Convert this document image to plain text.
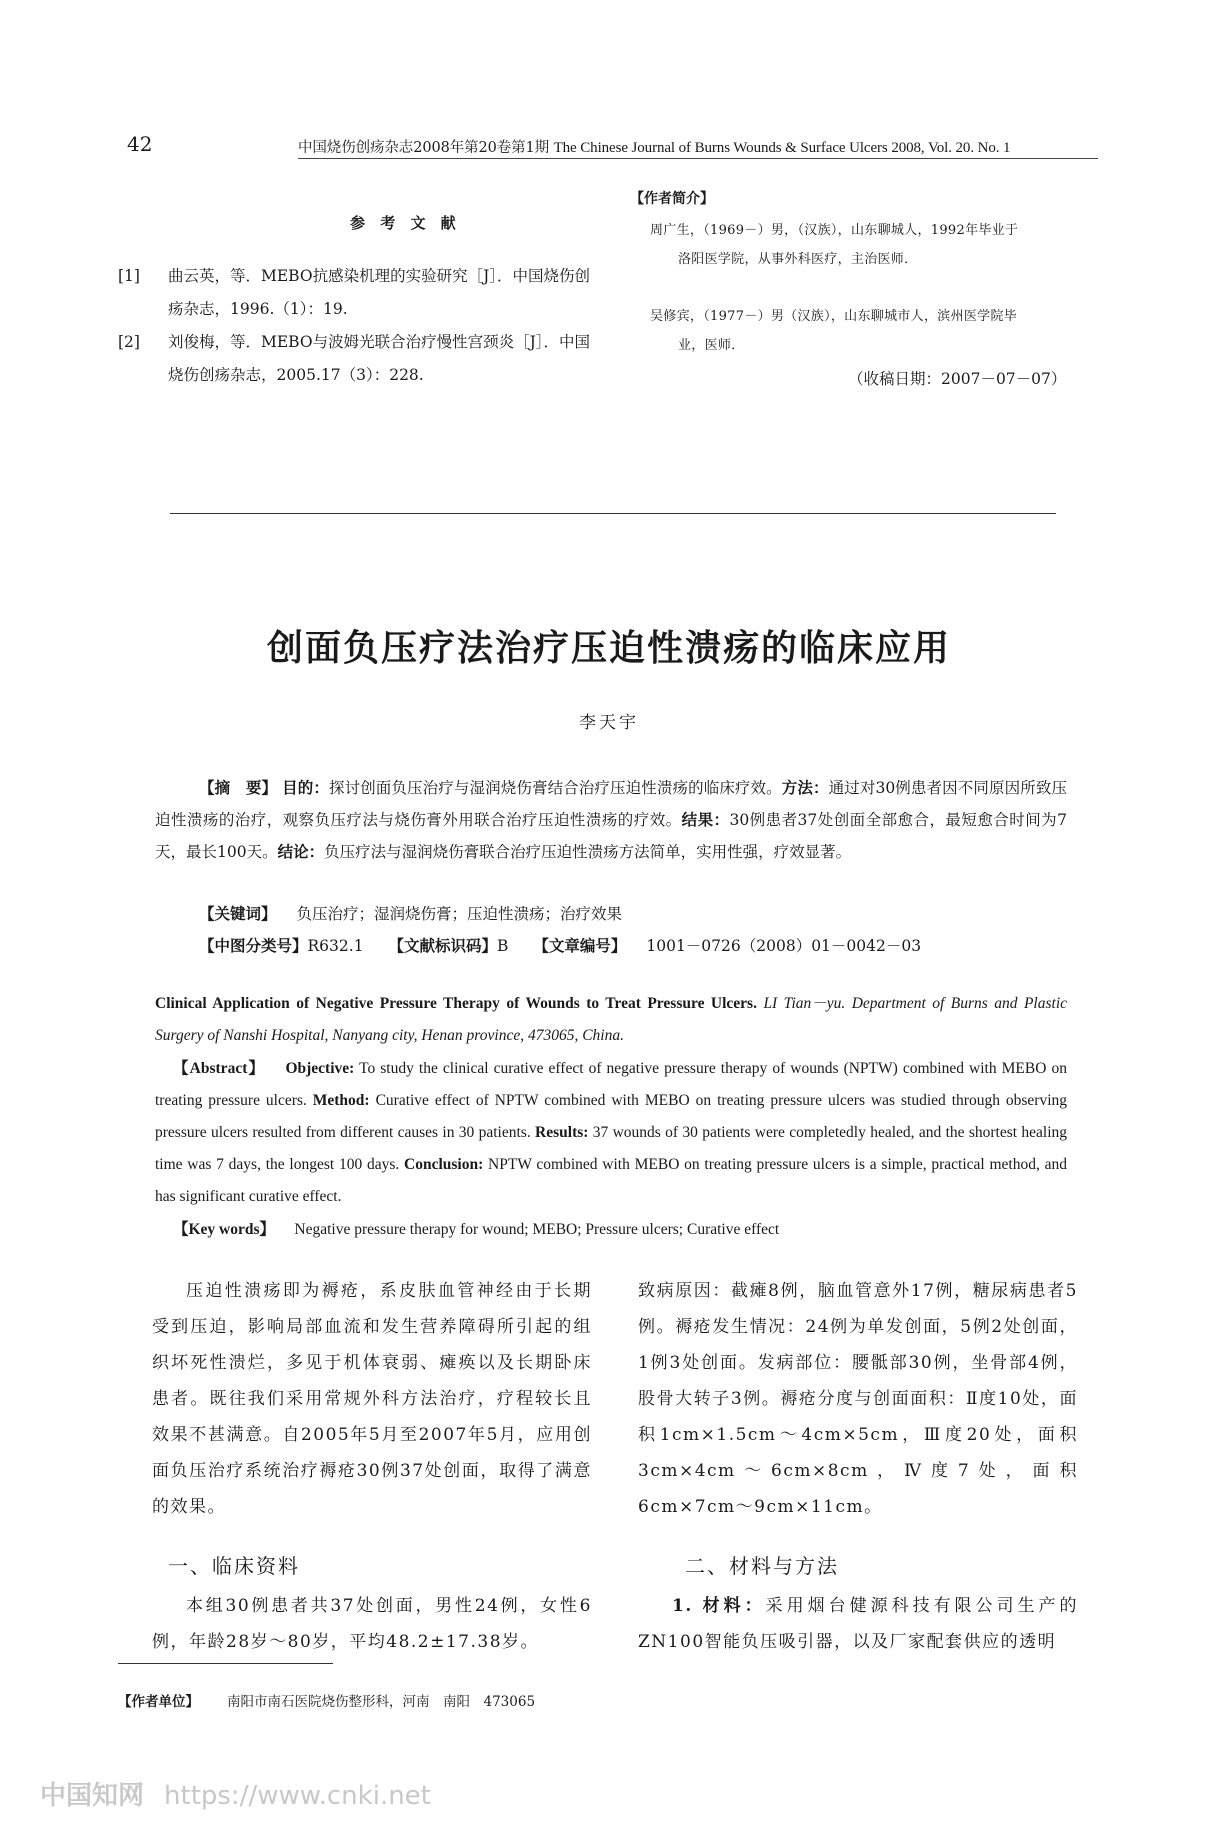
42	中国烧伤创疡杂志2008年第20卷第1期 The Chinese Journal of Burns Wounds & Surface Ulcers 2008, Vol. 20. No. 1
参 考 文 献
[1] 曲云英，等．MEBO抗感染机理的实验研究［J］．中国烧伤创疡杂志，1996.（1）：19.
[2] 刘俊梅，等．MEBO与波姆光联合治疗慢性宫颈炎［J］．中国烧伤创疡杂志，2005.17（3）：228.
【作者简介】
周广生，（1969－）男，（汉族），山东聊城人，1992年毕业于
洛阳医学院，从事外科医疗，主治医师．
吴修宾，（1977－）男（汉族），山东聊城市人，滨州医学院毕
业，医师．
（收稿日期：2007－07－07）
创面负压疗法治疗压迫性溃疡的临床应用
李天宇
【摘　要】 目的：探讨创面负压治疗与湿润烧伤膏结合治疗压迫性溃疡的临床疗效。方法：通过对30例患者因不同原因所致压迫性溃疡的治疗，观察负压疗法与烧伤膏外用联合治疗压迫性溃疡的疗效。结果：30例患者37处创面全部愈合，最短愈合时间为7天，最长100天。结论：负压疗法与湿润烧伤膏联合治疗压迫性溃疡方法简单，实用性强，疗效显著。
【关键词】 负压治疗；湿润烧伤膏；压迫性溃疡；治疗效果
【中图分类号】R632.1 【文献标识码】B 【文章编号】 1001－0726（2008）01－0042－03
Clinical Application of Negative Pressure Therapy of Wounds to Treat Pressure Ulcers. LI Tian－yu. Department of Burns and Plastic Surgery of Nanshi Hospital, Nanyang city, Henan province, 473065, China.
【Abstract】 Objective: To study the clinical curative effect of negative pressure therapy of wounds (NPTW) combined with MEBO on treating pressure ulcers. Method: Curative effect of NPTW combined with MEBO on treating pressure ulcers was studied through observing pressure ulcers resulted from different causes in 30 patients. Results: 37 wounds of 30 patients were completedly healed, and the shortest healing time was 7 days, the longest 100 days. Conclusion: NPTW combined with MEBO on treating pressure ulcers is a simple, practical method, and has significant curative effect.
【Key words】 Negative pressure therapy for wound; MEBO; Pressure ulcers; Curative effect
压迫性溃疡即为褥疮，系皮肤血管神经由于长期受到压迫，影响局部血流和发生营养障碍所引起的组织坏死性溃烂，多见于机体衰弱、瘫痪以及长期卧床患者。既往我们采用常规外科方法治疗，疗程较长且效果不甚满意。自2005年5月至2007年5月，应用创面负压治疗系统治疗褥疮30例37处创面，取得了满意的效果。
致病原因：截瘫8例，脑血管意外17例，糖尿病患者5例。褥疮发生情况：24例为单发创面，5例2处创面，1例3处创面。发病部位：腰骶部30例，坐骨部4例，股骨大转子3例。褥疮分度与创面面积：Ⅱ度10处，面积1cm×1.5cm～4cm×5cm，Ⅲ度20处，面积3cm×4cm～6cm×8cm，Ⅳ度7处，面积6cm×7cm～9cm×11cm。
一、临床资料	二、材料与方法
本组30例患者共37处创面，男性24例，女性6例，年龄28岁～80岁，平均48.2±17.38岁。
1. 材料：采用烟台健源科技有限公司生产的ZN100智能负压吸引器，以及厂家配套供应的透明
【作者单位】 南阳市南石医院烧伤整形科，河南　南阳　473065
中国知网 https://www.cnki.net
